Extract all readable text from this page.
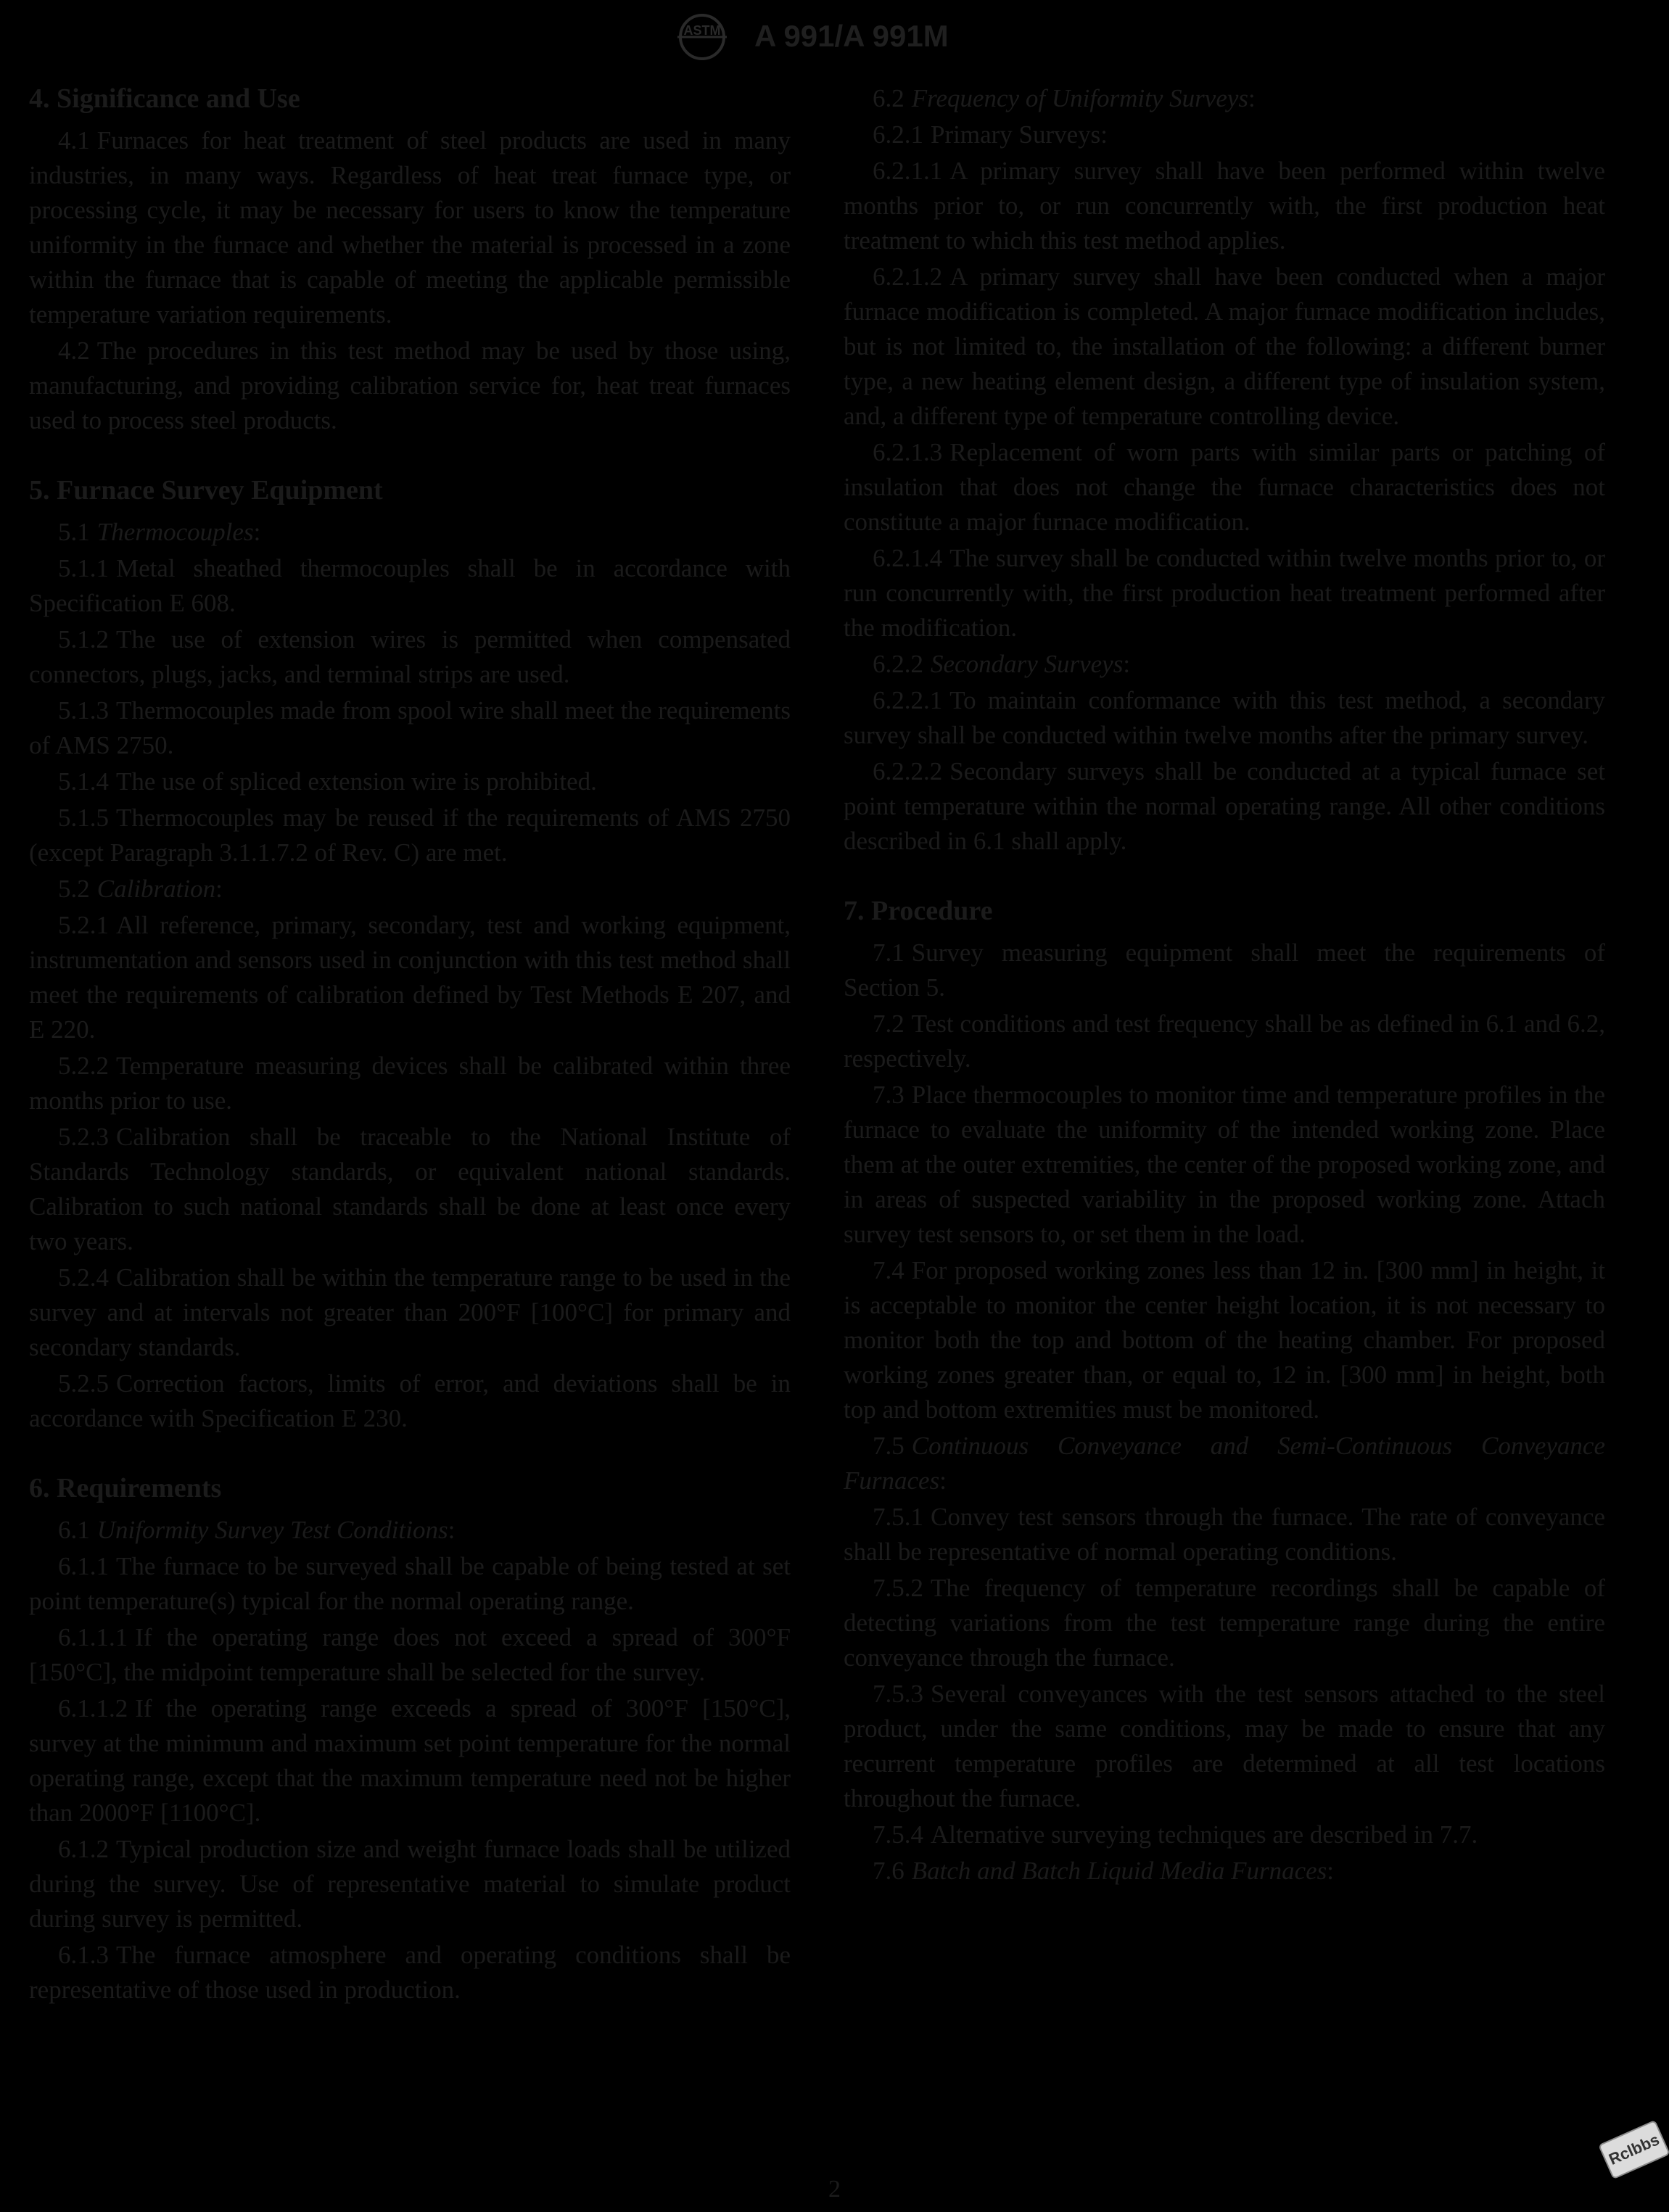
ASTM A 991/A 991M
4. Significance and Use
4.1 Furnaces for heat treatment of steel products are used in many industries, in many ways. Regardless of heat treat furnace type, or processing cycle, it may be necessary for users to know the temperature uniformity in the furnace and whether the material is processed in a zone within the furnace that is capable of meeting the applicable permissible temperature variation requirements.
4.2 The procedures in this test method may be used by those using, manufacturing, and providing calibration service for, heat treat furnaces used to process steel products.
5. Furnace Survey Equipment
5.1 Thermocouples:
5.1.1 Metal sheathed thermocouples shall be in accordance with Specification E 608.
5.1.2 The use of extension wires is permitted when compensated connectors, plugs, jacks, and terminal strips are used.
5.1.3 Thermocouples made from spool wire shall meet the requirements of AMS 2750.
5.1.4 The use of spliced extension wire is prohibited.
5.1.5 Thermocouples may be reused if the requirements of AMS 2750 (except Paragraph 3.1.1.7.2 of Rev. C) are met.
5.2 Calibration:
5.2.1 All reference, primary, secondary, test and working equipment, instrumentation and sensors used in conjunction with this test method shall meet the requirements of calibration defined by Test Methods E 207, and E 220.
5.2.2 Temperature measuring devices shall be calibrated within three months prior to use.
5.2.3 Calibration shall be traceable to the National Institute of Standards Technology standards, or equivalent national standards. Calibration to such national standards shall be done at least once every two years.
5.2.4 Calibration shall be within the temperature range to be used in the survey and at intervals not greater than 200°F [100°C] for primary and secondary standards.
5.2.5 Correction factors, limits of error, and deviations shall be in accordance with Specification E 230.
6. Requirements
6.1 Uniformity Survey Test Conditions:
6.1.1 The furnace to be surveyed shall be capable of being tested at set point temperature(s) typical for the normal operating range.
6.1.1.1 If the operating range does not exceed a spread of 300°F [150°C], the midpoint temperature shall be selected for the survey.
6.1.1.2 If the operating range exceeds a spread of 300°F [150°C], survey at the minimum and maximum set point temperature for the normal operating range, except that the maximum temperature need not be higher than 2000°F [1100°C].
6.1.2 Typical production size and weight furnace loads shall be utilized during the survey. Use of representative material to simulate product during survey is permitted.
6.1.3 The furnace atmosphere and operating conditions shall be representative of those used in production.
6.2 Frequency of Uniformity Surveys:
6.2.1 Primary Surveys:
6.2.1.1 A primary survey shall have been performed within twelve months prior to, or run concurrently with, the first production heat treatment to which this test method applies.
6.2.1.2 A primary survey shall have been conducted when a major furnace modification is completed. A major furnace modification includes, but is not limited to, the installation of the following: a different burner type, a new heating element design, a different type of insulation system, and, a different type of temperature controlling device.
6.2.1.3 Replacement of worn parts with similar parts or patching of insulation that does not change the furnace characteristics does not constitute a major furnace modification.
6.2.1.4 The survey shall be conducted within twelve months prior to, or run concurrently with, the first production heat treatment performed after the modification.
6.2.2 Secondary Surveys:
6.2.2.1 To maintain conformance with this test method, a secondary survey shall be conducted within twelve months after the primary survey.
6.2.2.2 Secondary surveys shall be conducted at a typical furnace set point temperature within the normal operating range. All other conditions described in 6.1 shall apply.
7. Procedure
7.1 Survey measuring equipment shall meet the requirements of Section 5.
7.2 Test conditions and test frequency shall be as defined in 6.1 and 6.2, respectively.
7.3 Place thermocouples to monitor time and temperature profiles in the furnace to evaluate the uniformity of the intended working zone. Place them at the outer extremities, the center of the proposed working zone, and in areas of suspected variability in the proposed working zone. Attach survey test sensors to, or set them in the load.
7.4 For proposed working zones less than 12 in. [300 mm] in height, it is acceptable to monitor the center height location, it is not necessary to monitor both the top and bottom of the heating chamber. For proposed working zones greater than, or equal to, 12 in. [300 mm] in height, both top and bottom extremities must be monitored.
7.5 Continuous Conveyance and Semi-Continuous Conveyance Furnaces:
7.5.1 Convey test sensors through the furnace. The rate of conveyance shall be representative of normal operating conditions.
7.5.2 The frequency of temperature recordings shall be capable of detecting variations from the test temperature range during the entire conveyance through the furnace.
7.5.3 Several conveyances with the test sensors attached to the steel product, under the same conditions, may be made to ensure that any recurrent temperature profiles are determined at all test locations throughout the furnace.
7.5.4 Alternative surveying techniques are described in 7.7.
7.6 Batch and Batch Liquid Media Furnaces:
2
Rclbbs
